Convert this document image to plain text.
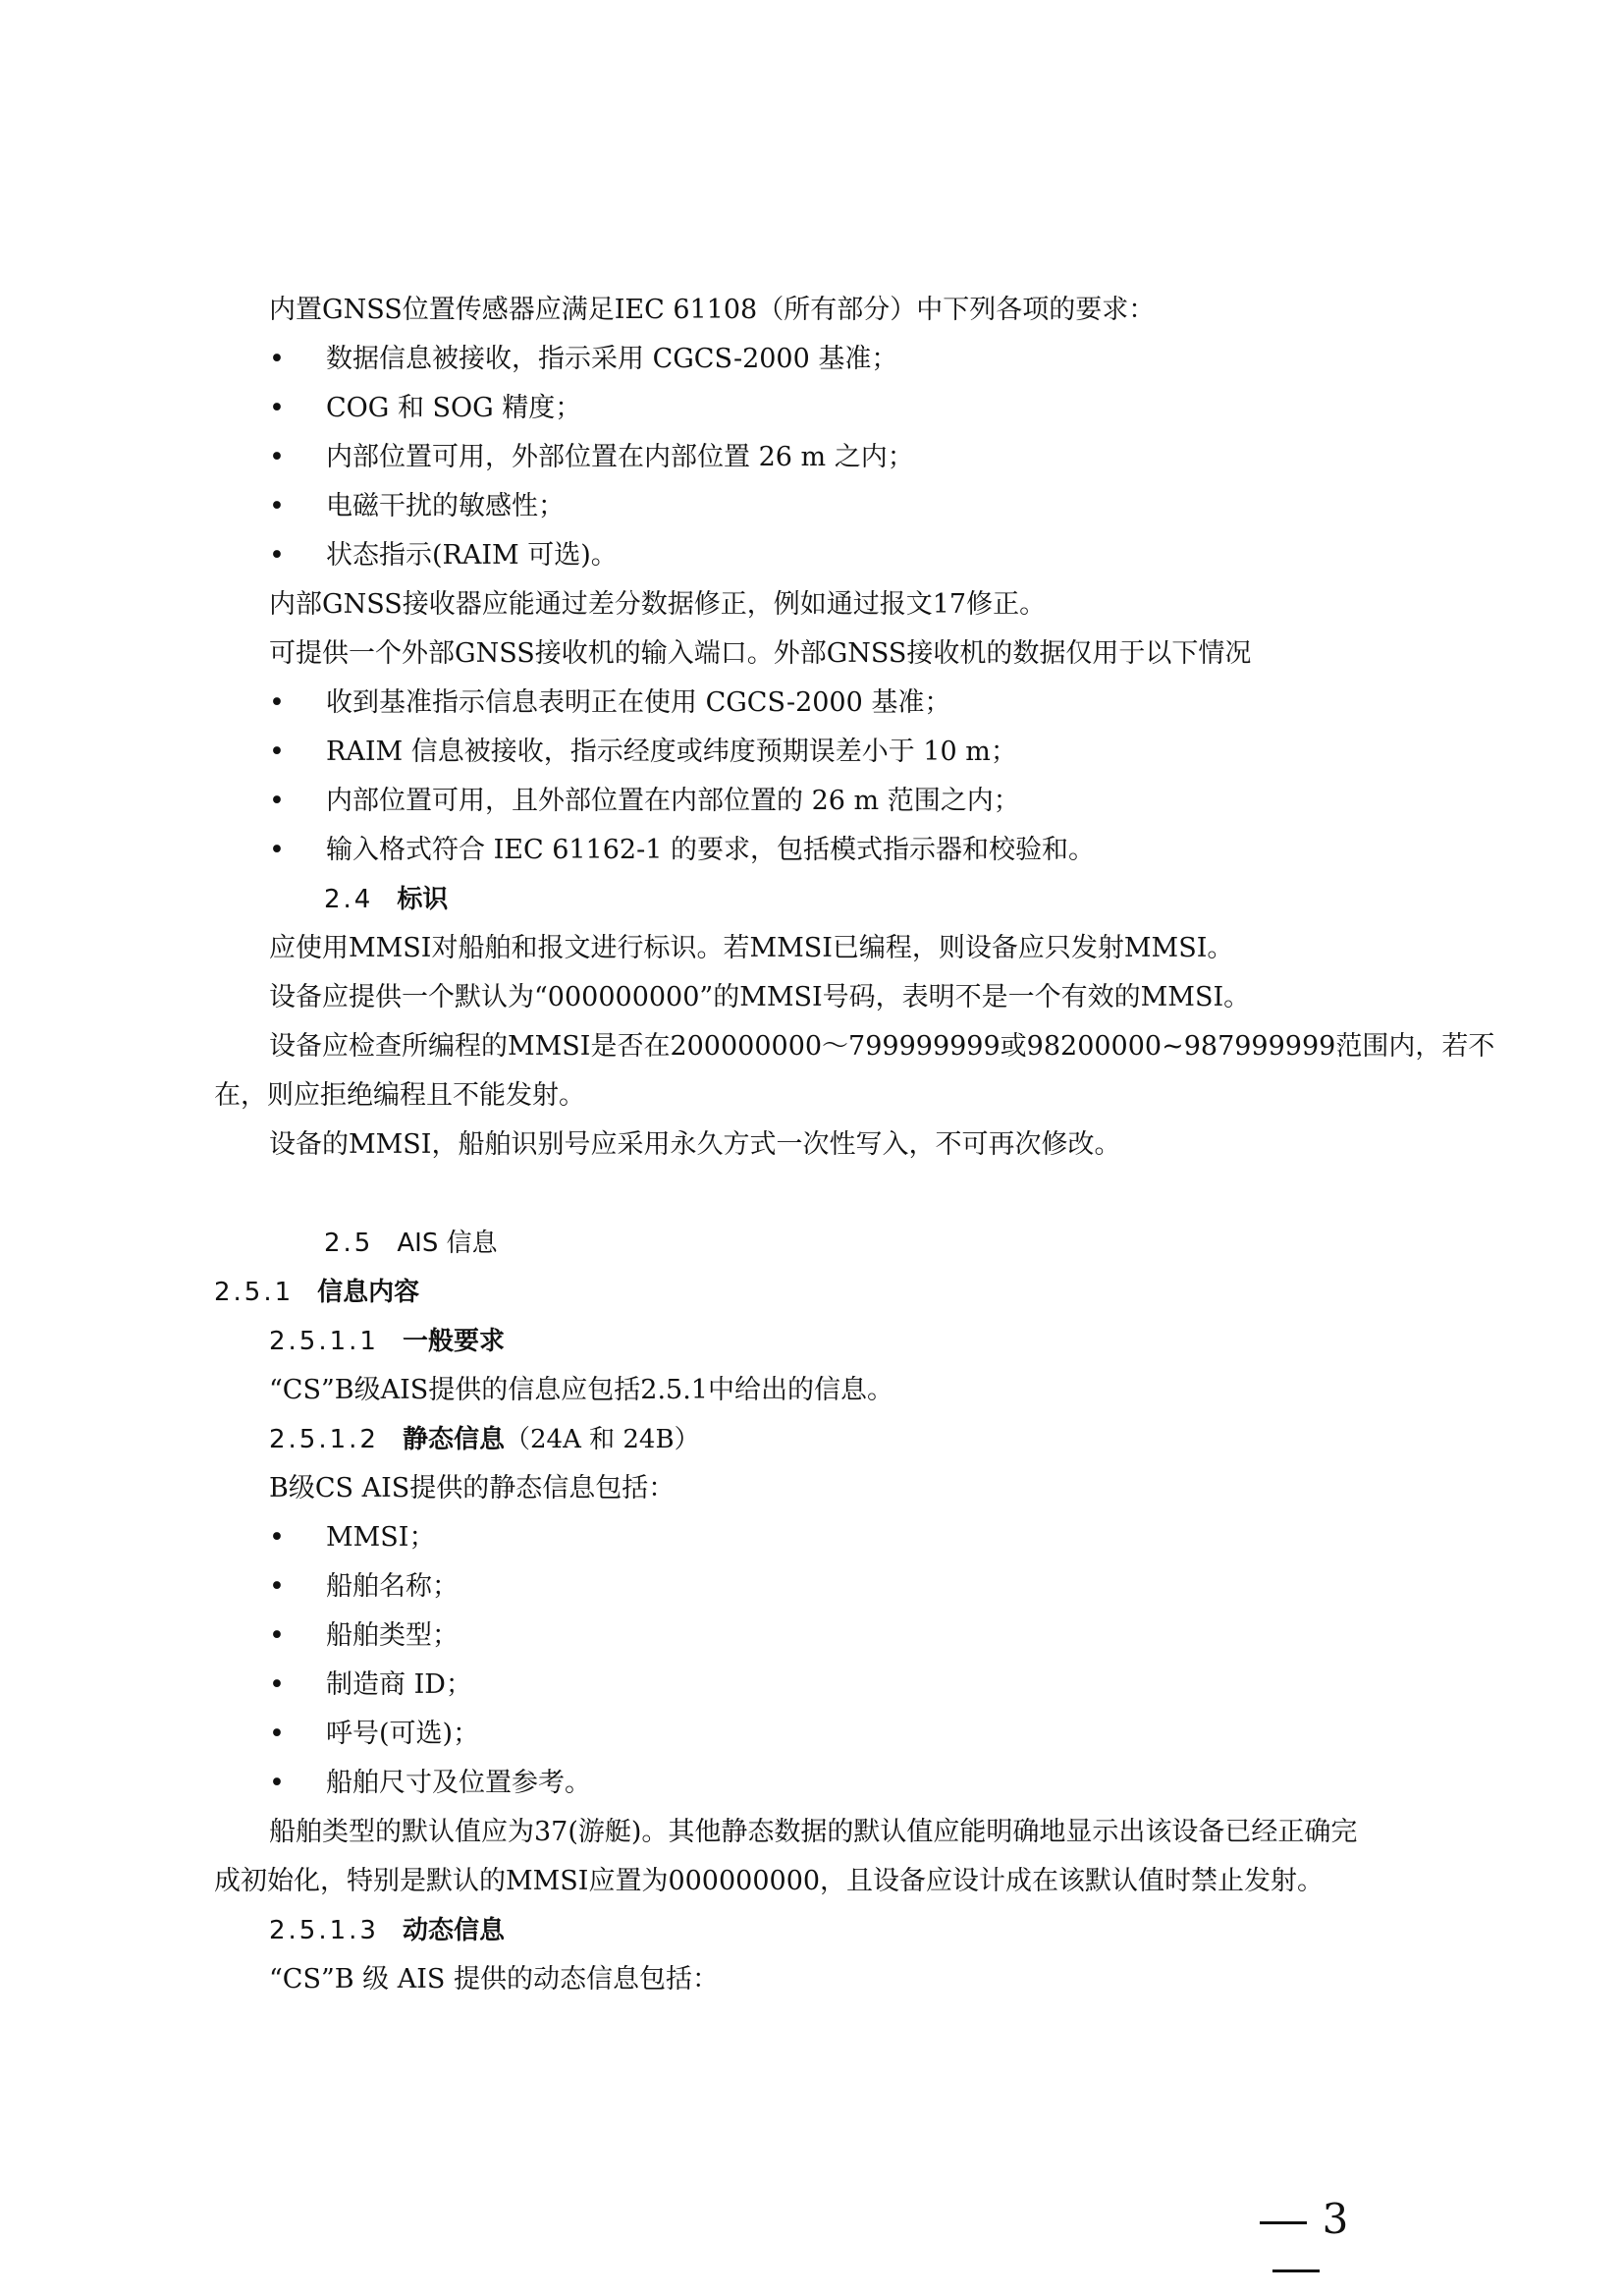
内置GNSS位置传感器应满足IEC 61108（所有部分）中下列各项的要求：
• 数据信息被接收，指示采用 CGCS-2000 基准；
• COG 和 SOG 精度；
• 内部位置可用，外部位置在内部位置 26 m 之内；
• 电磁干扰的敏感性；
• 状态指示(RAIM 可选)。
内部GNSS接收器应能通过差分数据修正，例如通过报文17修正。
可提供一个外部GNSS接收机的输入端口。外部GNSS接收机的数据仅用于以下情况
• 收到基准指示信息表明正在使用 CGCS-2000 基准；
• RAIM 信息被接收，指示经度或纬度预期误差小于 10 m；
• 内部位置可用，且外部位置在内部位置的 26 m 范围之内；
• 输入格式符合 IEC 61162-1 的要求，包括模式指示器和校验和。
2.4 标识
应使用MMSI对船舶和报文进行标识。若MMSI已编程，则设备应只发射MMSI。
设备应提供一个默认为“000000000”的MMSI号码，表明不是一个有效的MMSI。
设备应检查所编程的MMSI是否在200000000～799999999或98200000~987999999范围内，若不
在，则应拒绝编程且不能发射。
设备的MMSI，船舶识别号应采用永久方式一次性写入，不可再次修改。
2.5 AIS 信息
2.5.1 信息内容
2.5.1.1 一般要求
“CS”B级AIS提供的信息应包括2.5.1中给出的信息。
2.5.1.2 静态信息（24A 和 24B）
B级CS AIS提供的静态信息包括：
• MMSI；
• 船舶名称；
• 船舶类型；
• 制造商 ID；
• 呼号(可选)；
• 船舶尺寸及位置参考。
船舶类型的默认值应为37(游艇)。其他静态数据的默认值应能明确地显示出该设备已经正确完
成初始化，特别是默认的MMSI应置为000000000，且设备应设计成在该默认值时禁止发射。
2.5.1.3 动态信息
“CS”B 级 AIS 提供的动态信息包括：
3
